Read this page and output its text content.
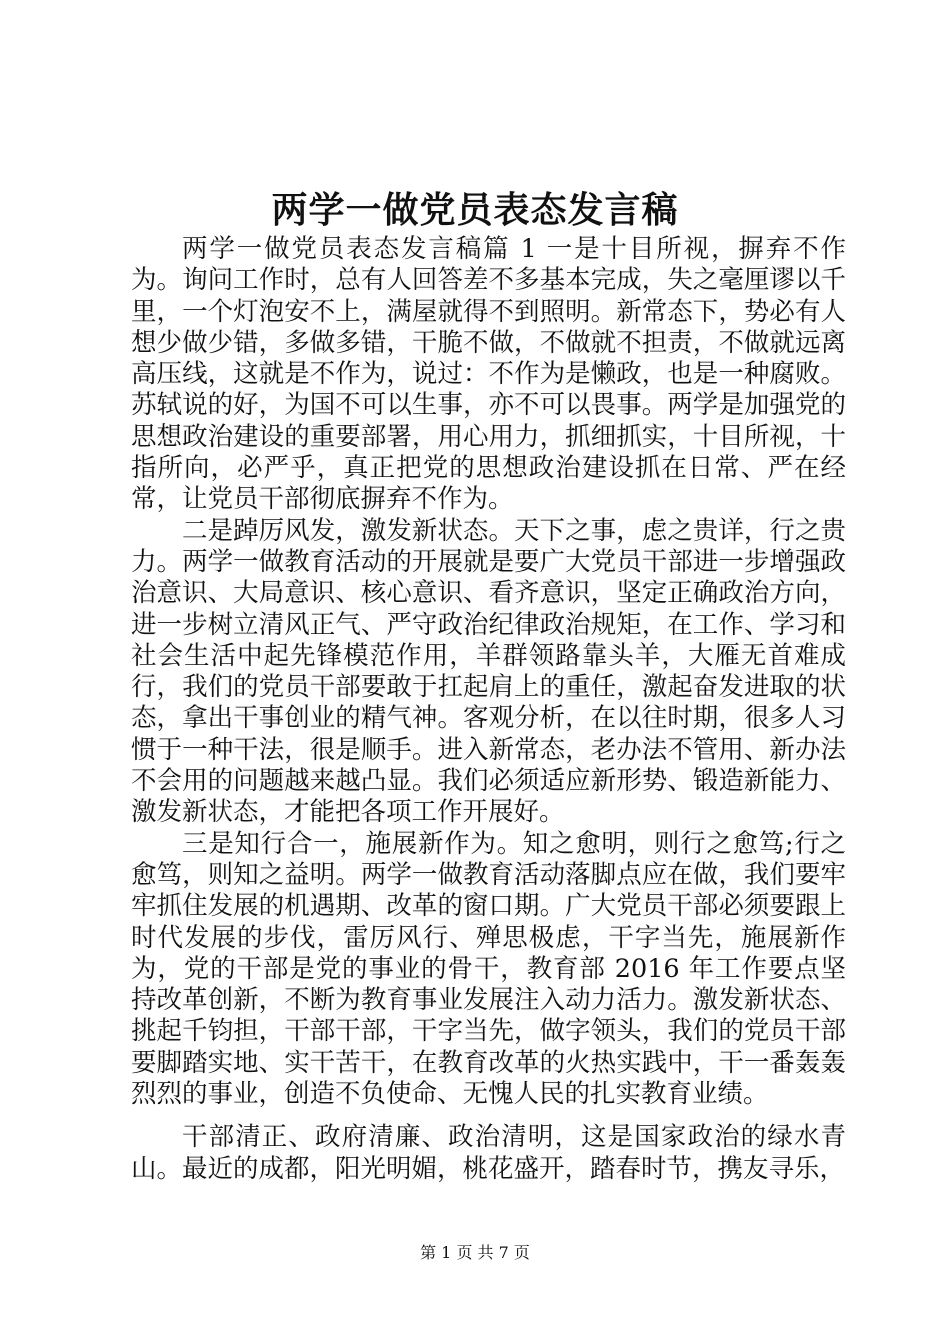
两学一做党员表态发言稿

两学一做党员表态发言稿篇 1 一是十目所视，摒弃不作为。询问工作时，总有人回答差不多基本完成，失之毫厘谬以千里，一个灯泡安不上，满屋就得不到照明。新常态下，势必有人想少做少错，多做多错，干脆不做，不做就不担责，不做就远离高压线，这就是不作为，说过：不作为是懒政，也是一种腐败。苏轼说的好，为国不可以生事，亦不可以畏事。两学是加强党的思想政治建设的重要部署，用心用力，抓细抓实，十目所视，十指所向，必严乎，真正把党的思想政治建设抓在日常、严在经常，让党员干部彻底摒弃不作为。

二是踔厉风发，激发新状态。天下之事，虑之贵详，行之贵力。两学一做教育活动的开展就是要广大党员干部进一步增强政治意识、大局意识、核心意识、看齐意识，坚定正确政治方向，进一步树立清风正气、严守政治纪律政治规矩，在工作、学习和社会生活中起先锋模范作用，羊群领路靠头羊，大雁无首难成行，我们的党员干部要敢于扛起肩上的重任，激起奋发进取的状态，拿出干事创业的精气神。客观分析，在以往时期，很多人习惯于一种干法，很是顺手。进入新常态，老办法不管用、新办法不会用的问题越来越凸显。我们必须适应新形势、锻造新能力、激发新状态，才能把各项工作开展好。

三是知行合一，施展新作为。知之愈明，则行之愈笃;行之愈笃，则知之益明。两学一做教育活动落脚点应在做，我们要牢牢抓住发展的机遇期、改革的窗口期。广大党员干部必须要跟上时代发展的步伐，雷厉风行、殚思极虑，干字当先，施展新作为，党的干部是党的事业的骨干，教育部 2016 年工作要点坚持改革创新，不断为教育事业发展注入动力活力。激发新状态、挑起千钧担，干部干部，干字当先，做字领头，我们的党员干部要脚踏实地、实干苦干，在教育改革的火热实践中，干一番轰轰烈烈的事业，创造不负使命、无愧人民的扎实教育业绩。

干部清正、政府清廉、政治清明，这是国家政治的绿水青山。最近的成都，阳光明媚，桃花盛开，踏春时节，携友寻乐，

第 1 页 共 7 页
